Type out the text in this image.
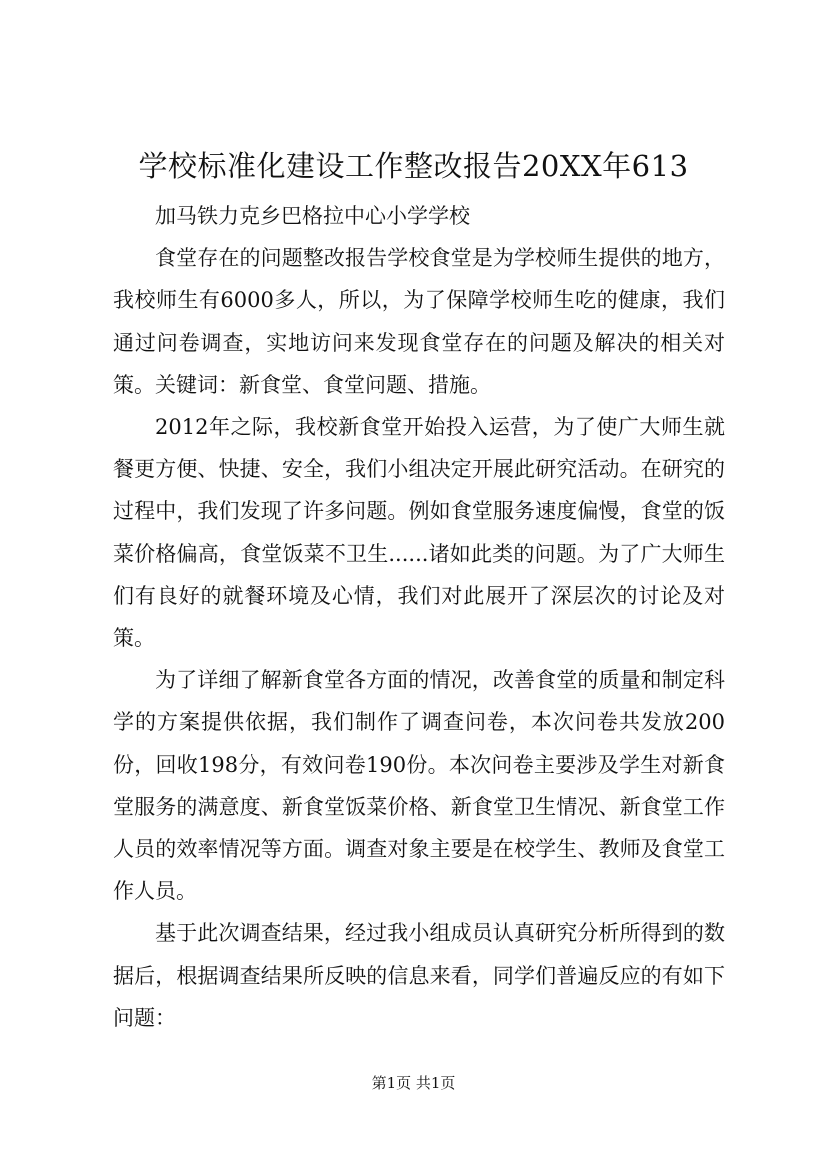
学校标准化建设工作整改报告20XX年613

加马铁力克乡巴格拉中心小学学校

食堂存在的问题整改报告学校食堂是为学校师生提供的地方，我校师生有6000多人，所以，为了保障学校师生吃的健康，我们通过问卷调查，实地访问来发现食堂存在的问题及解决的相关对策。关键词：新食堂、食堂问题、措施。

2012年之际，我校新食堂开始投入运营，为了使广大师生就餐更方便、快捷、安全，我们小组决定开展此研究活动。在研究的过程中，我们发现了许多问题。例如食堂服务速度偏慢，食堂的饭菜价格偏高，食堂饭菜不卫生......诸如此类的问题。为了广大师生们有良好的就餐环境及心情，我们对此展开了深层次的讨论及对策。

为了详细了解新食堂各方面的情况，改善食堂的质量和制定科学的方案提供依据，我们制作了调查问卷，本次问卷共发放200份，回收198分，有效问卷190份。本次问卷主要涉及学生对新食堂服务的满意度、新食堂饭菜价格、新食堂卫生情况、新食堂工作人员的效率情况等方面。调查对象主要是在校学生、教师及食堂工作人员。

基于此次调查结果，经过我小组成员认真研究分析所得到的数据后，根据调查结果所反映的信息来看，同学们普遍反应的有如下问题：

第1页 共1页
